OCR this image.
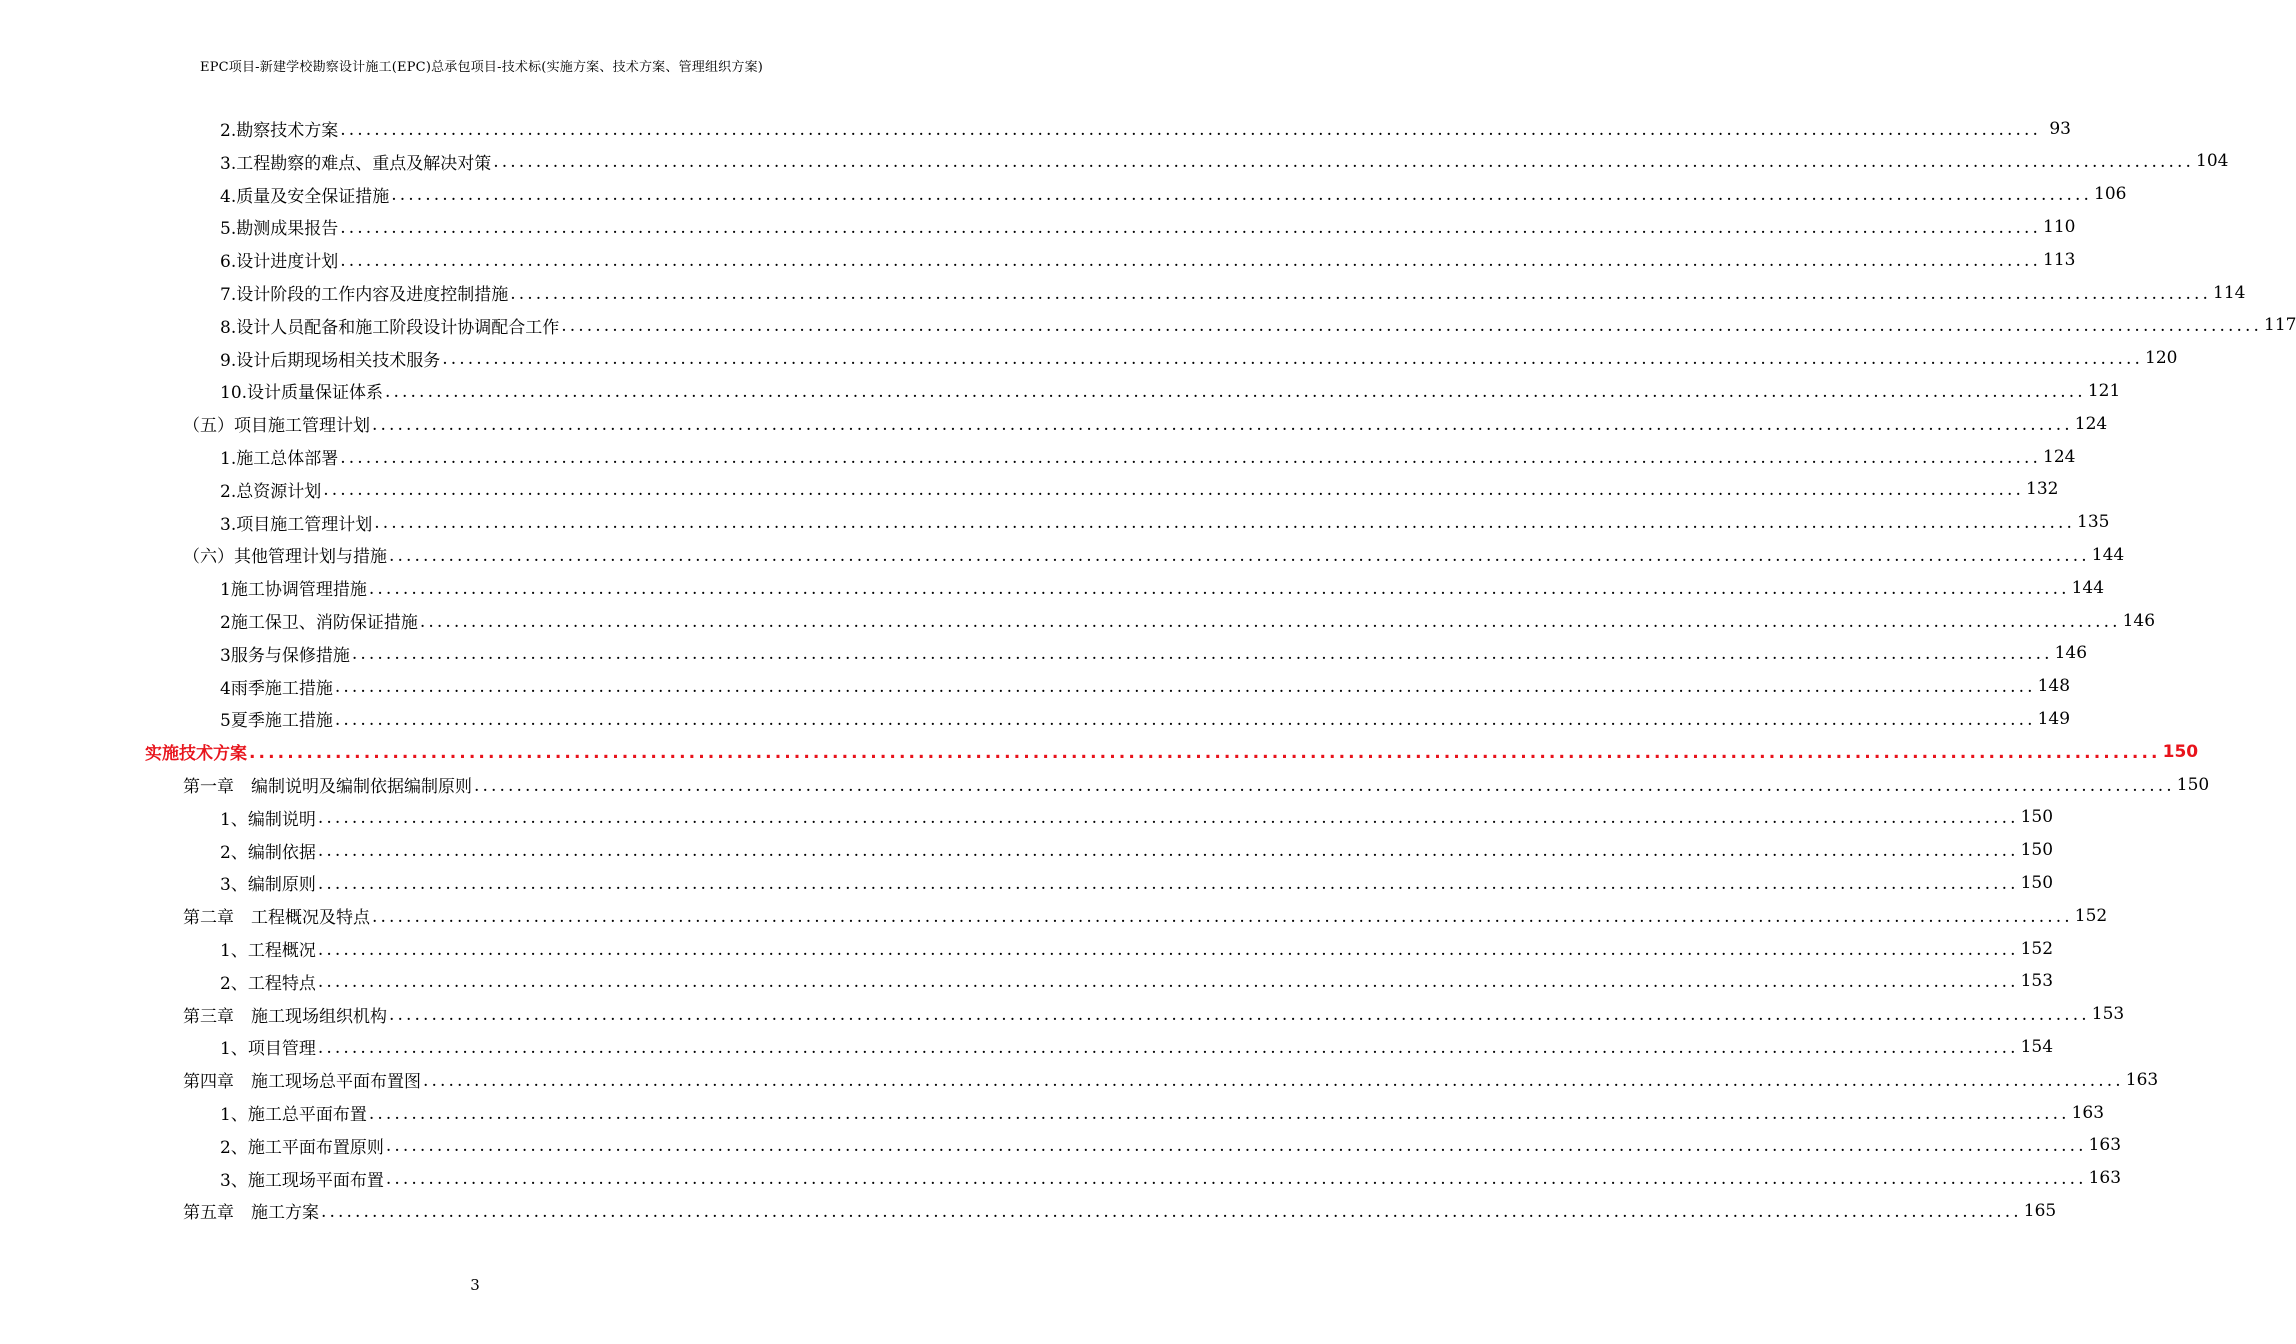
EPC项目-新建学校勘察设计施工(EPC)总承包项目-技术标(实施方案、技术方案、管理组织方案)
2.勘察技术方案 ........................................................................................................................................................................................................ 93
3.工程勘察的难点、重点及解决对策 ........................................................................................................................................................................................................ 104
4.质量及安全保证措施 ........................................................................................................................................................................................................ 106
5.勘测成果报告 ........................................................................................................................................................................................................ 110
6.设计进度计划 ........................................................................................................................................................................................................ 113
7.设计阶段的工作内容及进度控制措施 ........................................................................................................................................................................................................ 114
8.设计人员配备和施工阶段设计协调配合工作 ........................................................................................................................................................................................................ 117
9.设计后期现场相关技术服务 ........................................................................................................................................................................................................ 120
10.设计质量保证体系 ........................................................................................................................................................................................................ 121
（五）项目施工管理计划 ........................................................................................................................................................................................................ 124
1.施工总体部署 ........................................................................................................................................................................................................ 124
2.总资源计划 ........................................................................................................................................................................................................ 132
3.项目施工管理计划 ........................................................................................................................................................................................................ 135
（六）其他管理计划与措施 ........................................................................................................................................................................................................ 144
1施工协调管理措施 ........................................................................................................................................................................................................ 144
2施工保卫、消防保证措施 ........................................................................................................................................................................................................ 146
3服务与保修措施 ........................................................................................................................................................................................................ 146
4雨季施工措施 ........................................................................................................................................................................................................ 148
5夏季施工措施 ........................................................................................................................................................................................................ 149
实施技术方案 ........................................................................................................................................................................................................ 150
第一章　编制说明及编制依据编制原则 ........................................................................................................................................................................................................ 150
1、编制说明 ........................................................................................................................................................................................................ 150
2、编制依据 ........................................................................................................................................................................................................ 150
3、编制原则 ........................................................................................................................................................................................................ 150
第二章　工程概况及特点 ........................................................................................................................................................................................................ 152
1、工程概况 ........................................................................................................................................................................................................ 152
2、工程特点 ........................................................................................................................................................................................................ 153
第三章　施工现场组织机构 ........................................................................................................................................................................................................ 153
1、项目管理 ........................................................................................................................................................................................................ 154
第四章　施工现场总平面布置图 ........................................................................................................................................................................................................ 163
1、施工总平面布置 ........................................................................................................................................................................................................ 163
2、施工平面布置原则 ........................................................................................................................................................................................................ 163
3、施工现场平面布置 ........................................................................................................................................................................................................ 163
第五章　施工方案 ........................................................................................................................................................................................................ 165
3
